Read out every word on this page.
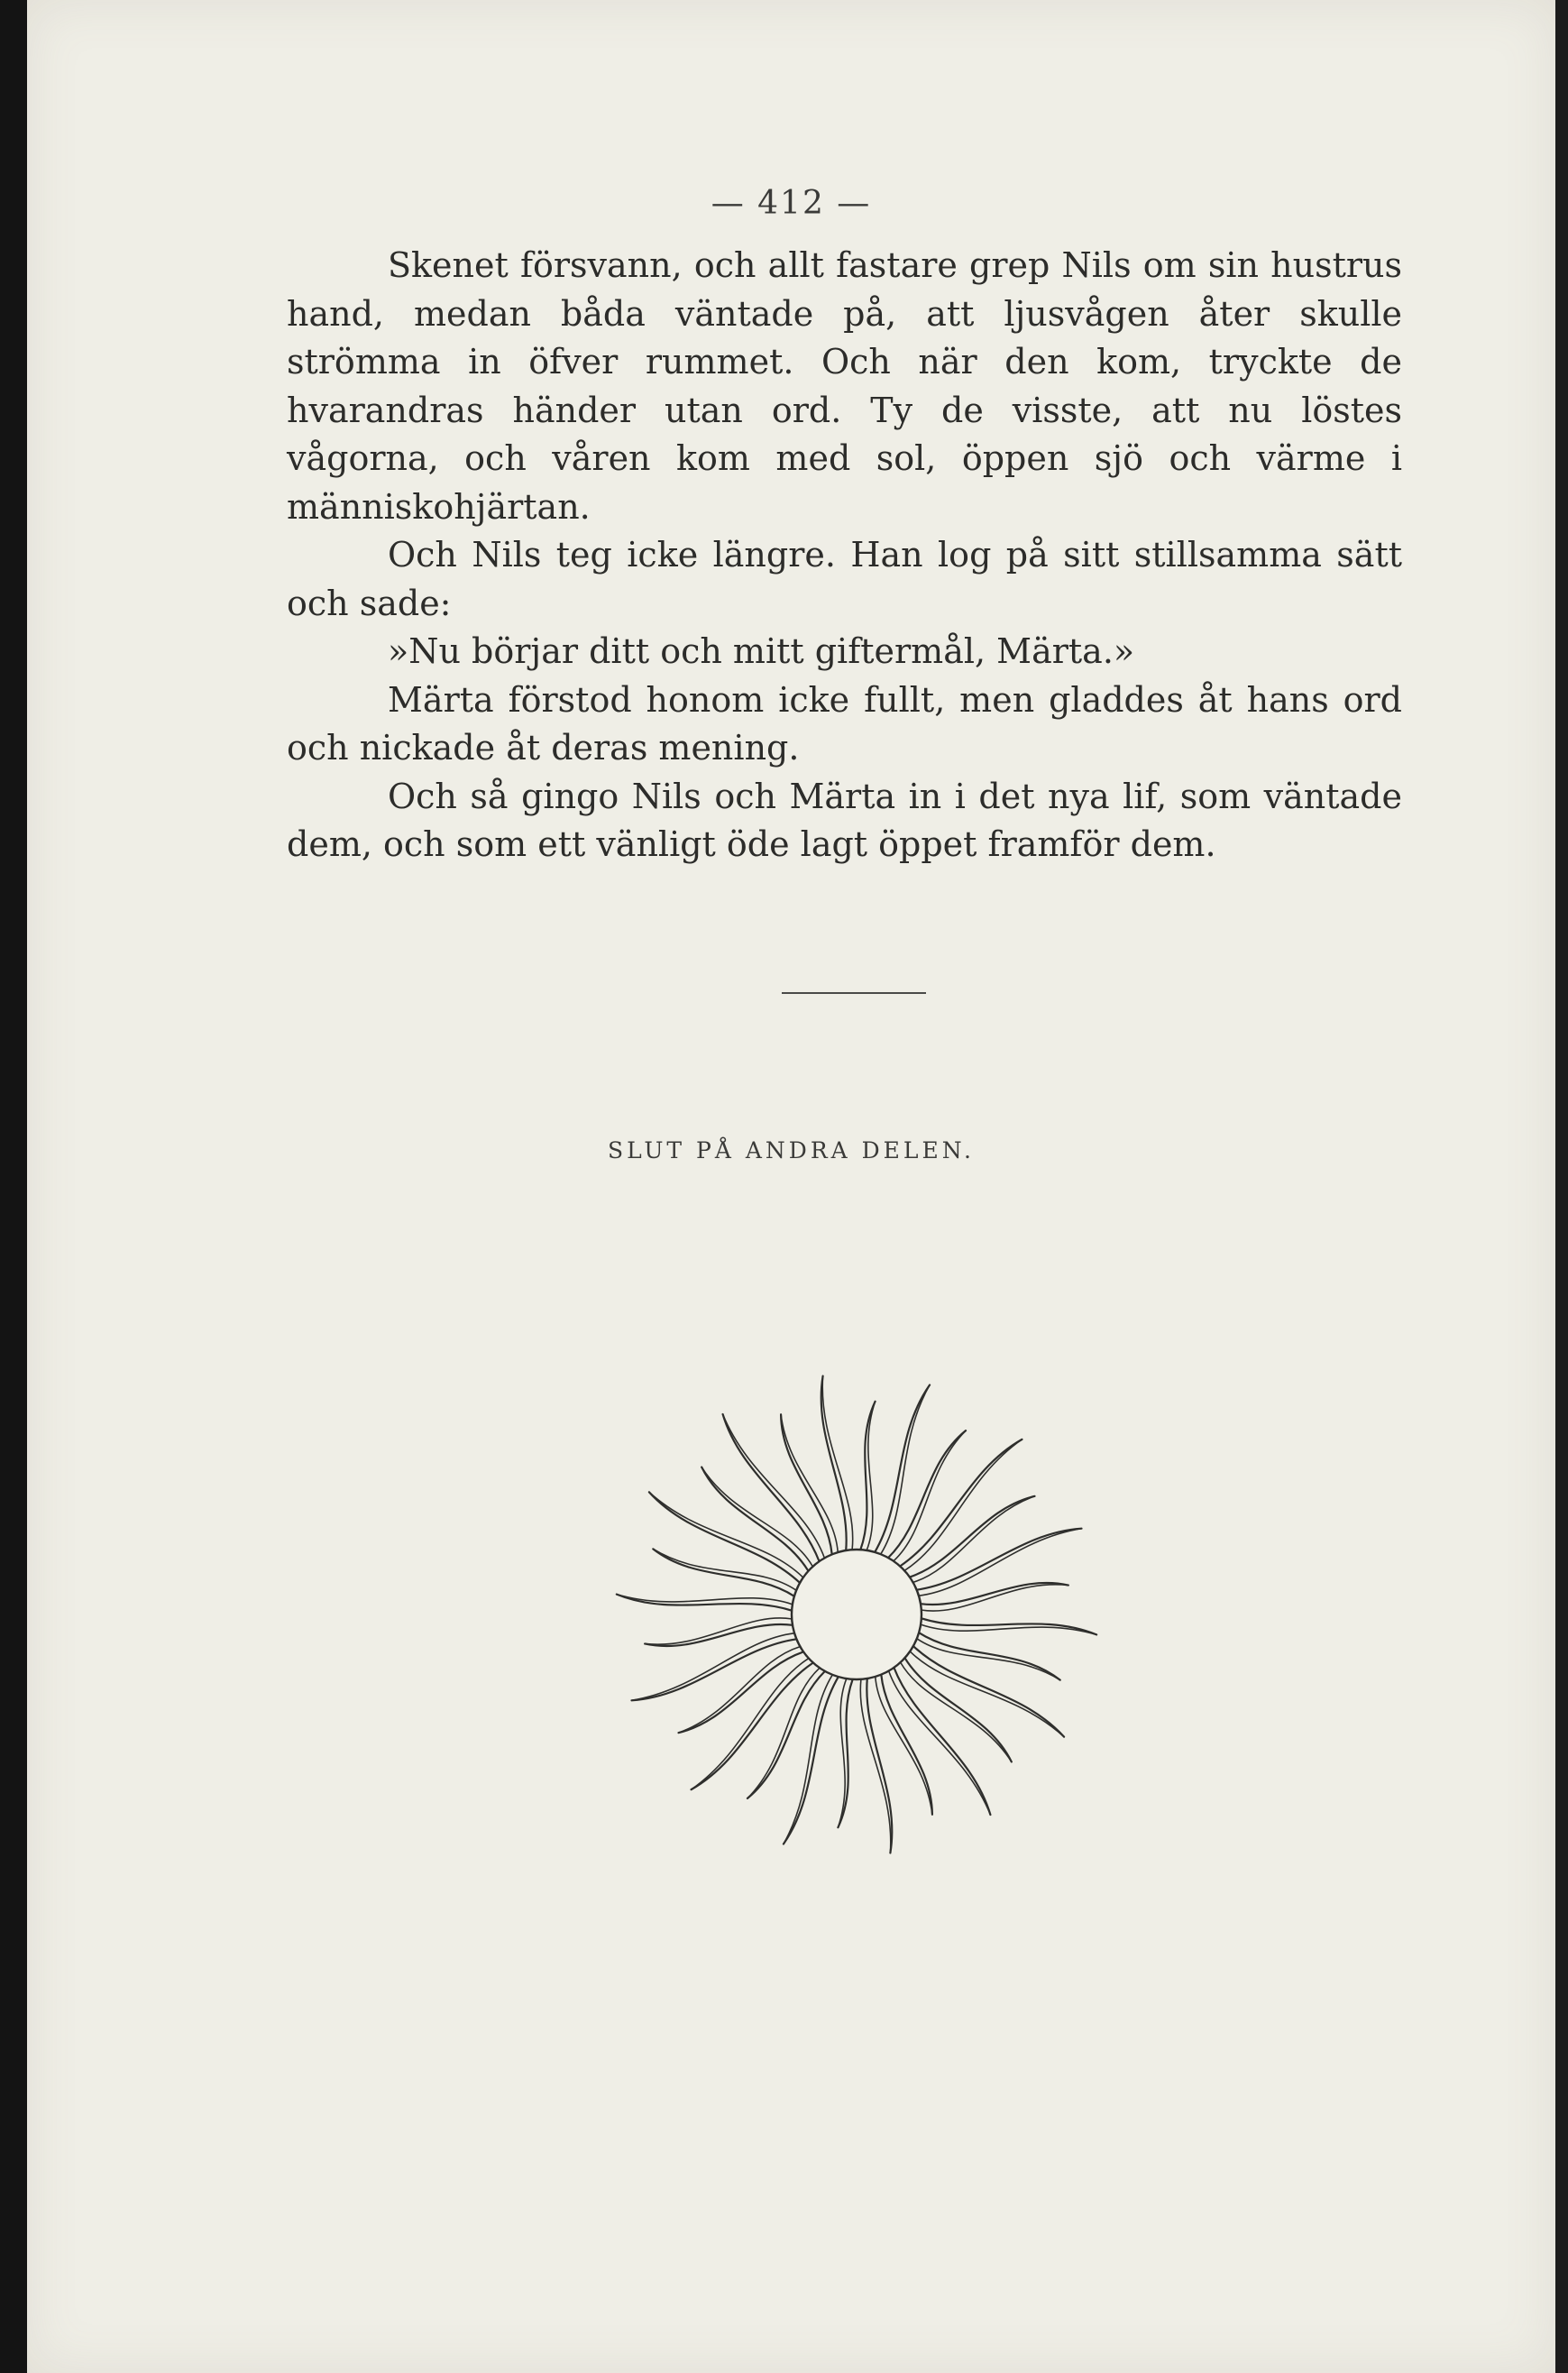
— 412 —

Skenet försvann, och allt fastare grep Nils om sin hustrus hand, medan båda väntade på, att ljusvågen åter skulle strömma in öfver rummet. Och när den kom, tryckte de hvarandras händer utan ord. Ty de visste, att nu löstes vågorna, och våren kom med sol, öppen sjö och värme i människohjärtan.

Och Nils teg icke längre. Han log på sitt stillsamma sätt och sade:

»Nu börjar ditt och mitt giftermål, Märta.»

Märta förstod honom icke fullt, men gladdes åt hans ord och nickade åt deras mening.

Och så gingo Nils och Märta in i det nya lif, som väntade dem, och som ett vänligt öde lagt öppet framför dem.

SLUT PÅ ANDRA DELEN.
